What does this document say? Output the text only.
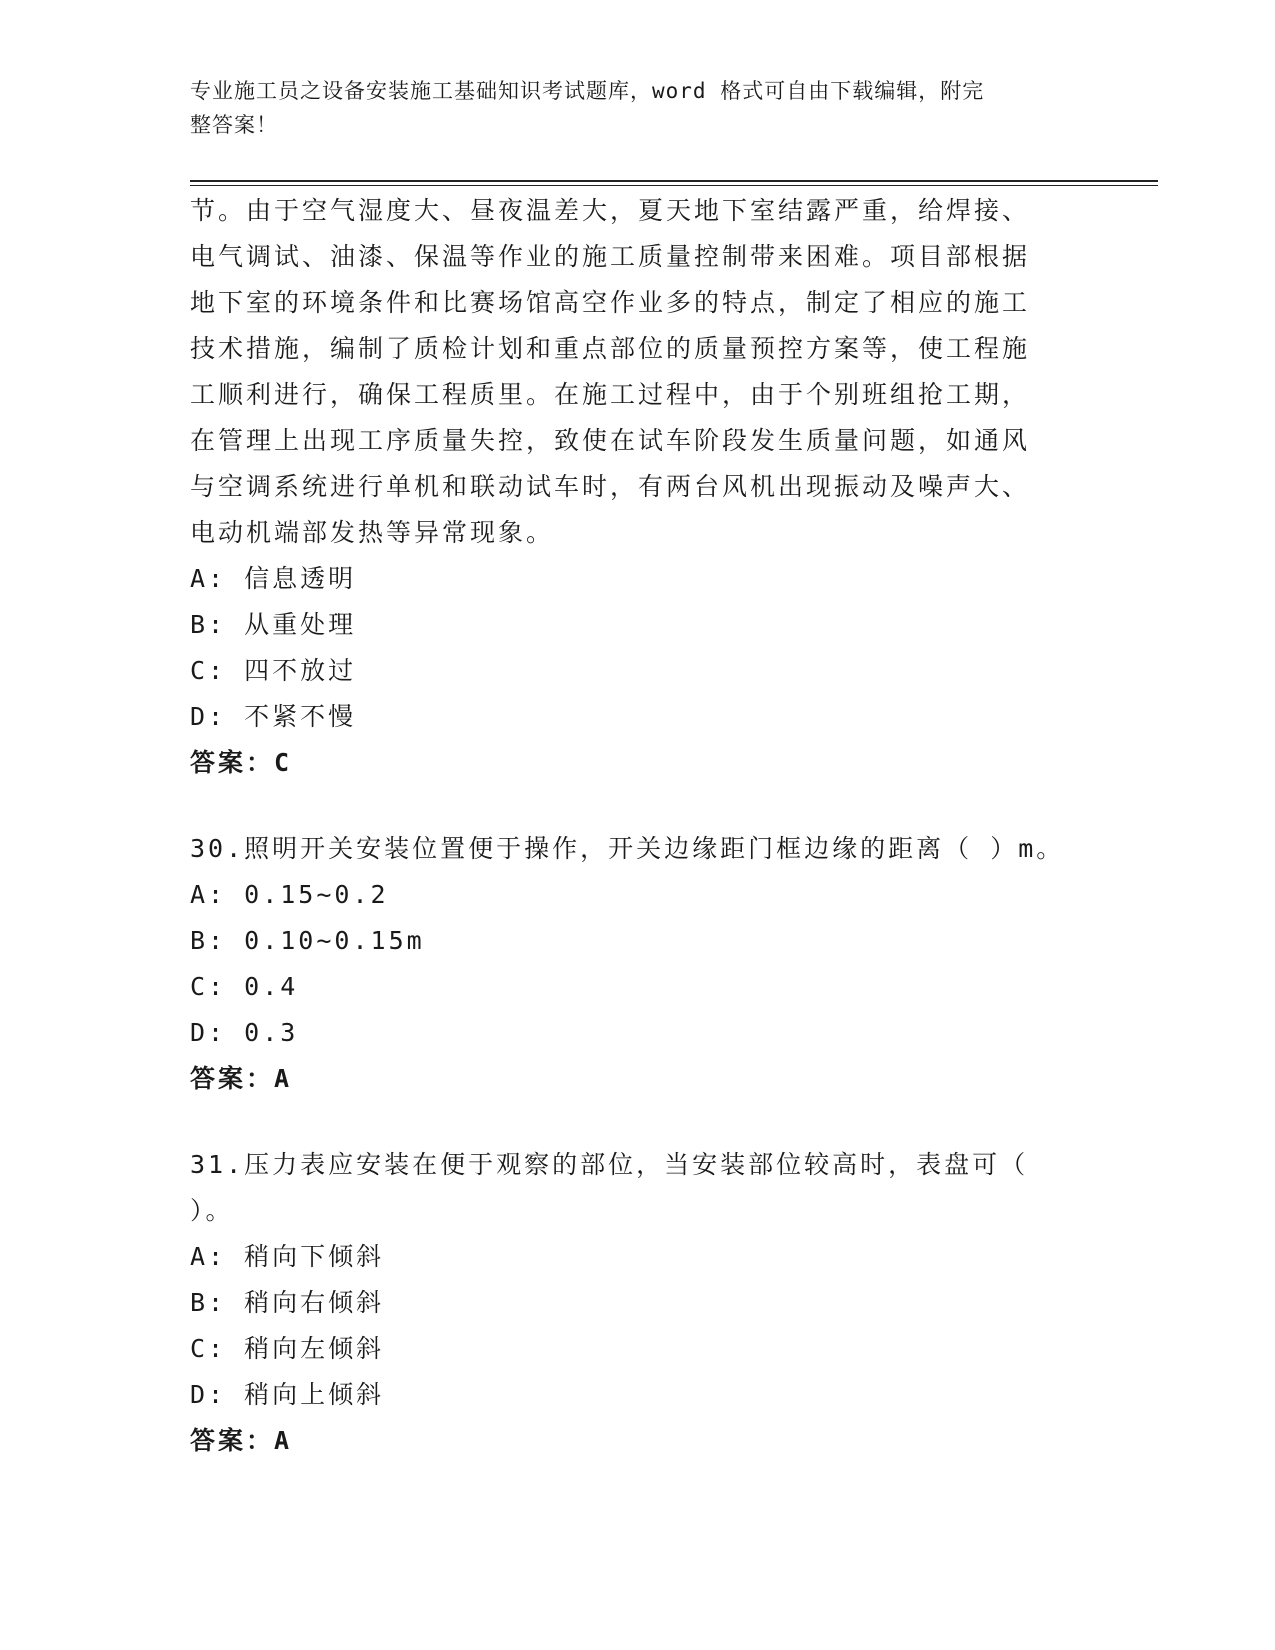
专业施工员之设备安装施工基础知识考试题库，word 格式可自由下载编辑，附完
整答案！
节。由于空气湿度大、昼夜温差大，夏天地下室结露严重，给焊接、
电气调试、油漆、保温等作业的施工质量控制带来困难。项目部根据
地下室的环境条件和比赛场馆高空作业多的特点，制定了相应的施工
技术措施，编制了质检计划和重点部位的质量预控方案等，使工程施
工顺利进行，确保工程质里。在施工过程中，由于个别班组抢工期，
在管理上出现工序质量失控，致使在试车阶段发生质量问题，如通风
与空调系统进行单机和联动试车时，有两台风机出现振动及噪声大、
电动机端部发热等异常现象。
A: 信息透明
B: 从重处理
C: 四不放过
D: 不紧不慢
答案：C
30.照明开关安装位置便于操作，开关边缘距门框边缘的距离（ ）m。
A: 0.15~0.2
B: 0.10~0.15m
C: 0.4
D: 0.3
答案：A
31.压力表应安装在便于观察的部位，当安装部位较高时，表盘可（
）。
A: 稍向下倾斜
B: 稍向右倾斜
C: 稍向左倾斜
D: 稍向上倾斜
答案：A
